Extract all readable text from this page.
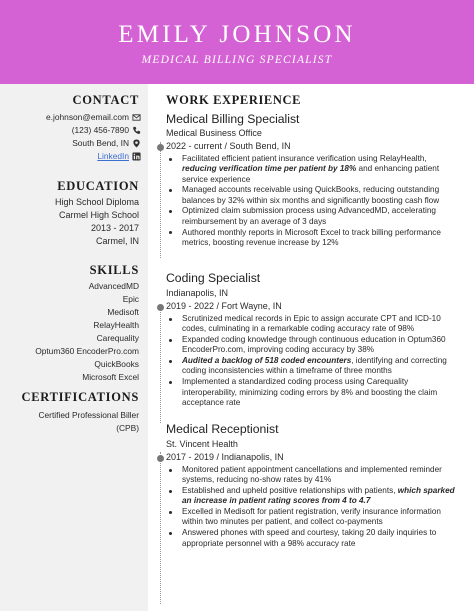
EMILY JOHNSON
MEDICAL BILLING SPECIALIST
CONTACT
e.johnson@email.com
(123) 456-7890
South Bend, IN
LinkedIn
EDUCATION
High School Diploma
Carmel High School
2013 - 2017
Carmel, IN
SKILLS
AdvancedMD
Epic
Medisoft
RelayHealth
Carequality
Optum360 EncoderPro.com
QuickBooks
Microsoft Excel
CERTIFICATIONS
Certified Professional Biller
(CPB)
WORK EXPERIENCE
Medical Billing Specialist
Medical Business Office
2022 - current / South Bend, IN
Facilitated efficient patient insurance verification using RelayHealth, reducing verification time per patient by 18% and enhancing patient service experience
Managed accounts receivable using QuickBooks, reducing outstanding balances by 32% within six months and significantly boosting cash flow
Optimized claim submission process using AdvancedMD, accelerating reimbursement by an average of 3 days
Authored monthly reports in Microsoft Excel to track billing performance metrics, boosting revenue increase by 12%
Coding Specialist
Indianapolis, IN
2019 - 2022 / Fort Wayne, IN
Scrutinized medical records in Epic to assign accurate CPT and ICD-10 codes, culminating in a remarkable coding accuracy rate of 98%
Expanded coding knowledge through continuous education in Optum360 EncoderPro.com, improving coding accuracy by 38%
Audited a backlog of 518 coded encounters, identifying and correcting coding inconsistencies within a timeframe of three months
Implemented a standardized coding process using Carequality interoperability, minimizing coding errors by 8% and boosting the claim acceptance rate
Medical Receptionist
St. Vincent Health
2017 - 2019 / Indianapolis, IN
Monitored patient appointment cancellations and implemented reminder systems, reducing no-show rates by 41%
Established and upheld positive relationships with patients, which sparked an increase in patient rating scores from 4 to 4.7
Excelled in Medisoft for patient registration, verify insurance information within two minutes per patient, and collect co-payments
Answered phones with speed and courtesy, taking 20 daily inquiries to appropriate personnel with a 98% accuracy rate
